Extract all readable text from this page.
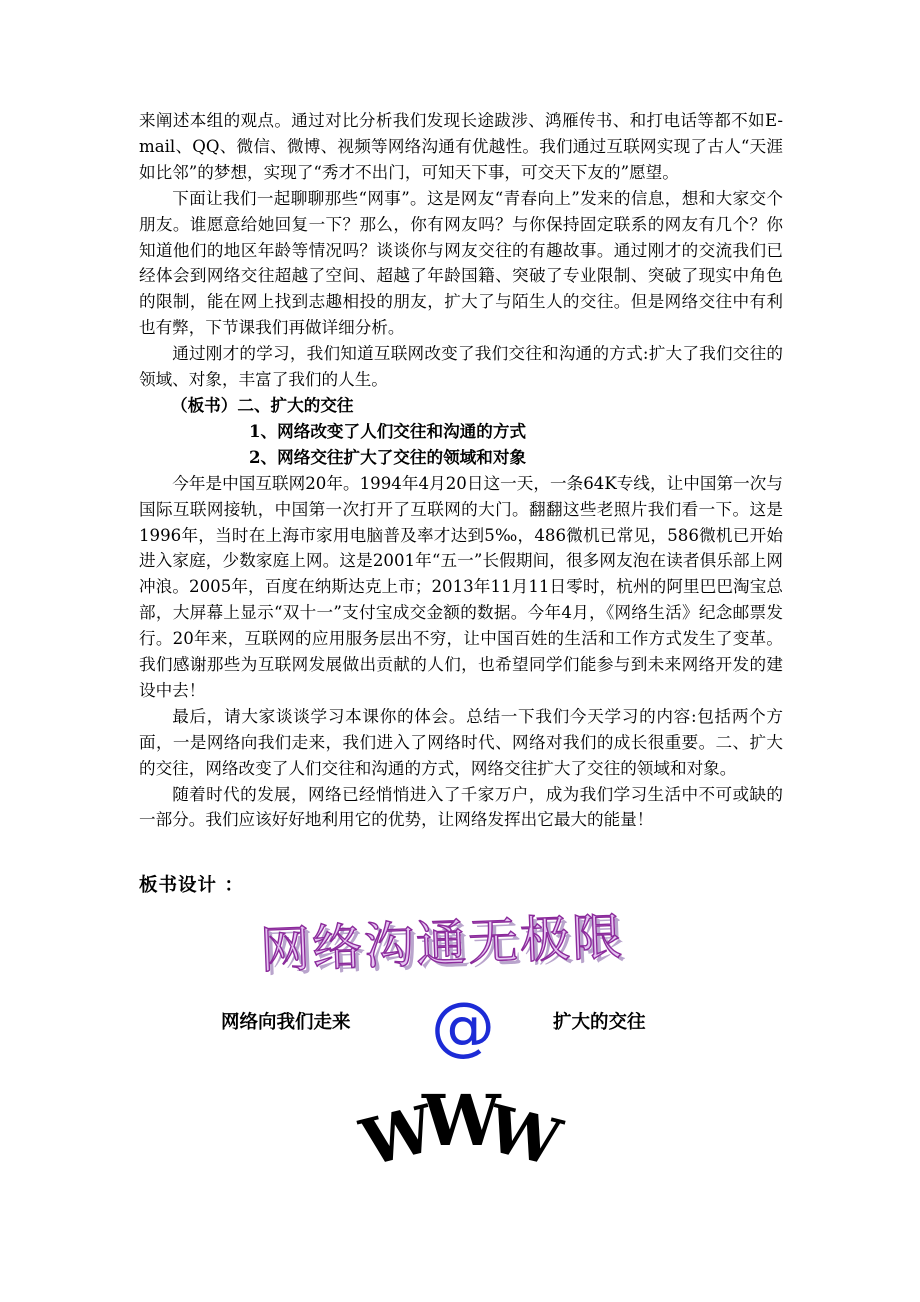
来阐述本组的观点。通过对比分析我们发现长途跋涉、鸿雁传书、和打电话等都不如E-mail、QQ、微信、微博、视频等网络沟通有优越性。我们通过互联网实现了古人“天涯如比邻”的梦想，实现了“秀才不出门，可知天下事，可交天下友的”愿望。

下面让我们一起聊聊那些“网事”。这是网友“青春向上”发来的信息，想和大家交个朋友。谁愿意给她回复一下？那么，你有网友吗？与你保持固定联系的网友有几个？你知道他们的地区年龄等情况吗？谈谈你与网友交往的有趣故事。通过刚才的交流我们已经体会到网络交往超越了空间、超越了年龄国籍、突破了专业限制、突破了现实中角色的限制，能在网上找到志趣相投的朋友，扩大了与陌生人的交往。但是网络交往中有利也有弊，下节课我们再做详细分析。

通过刚才的学习，我们知道互联网改变了我们交往和沟通的方式:扩大了我们交往的领域、对象，丰富了我们的人生。

（板书）二、扩大的交往

1、网络改变了人们交往和沟通的方式

2、网络交往扩大了交往的领域和对象

今年是中国互联网20年。1994年4月20日这一天，一条64K专线，让中国第一次与国际互联网接轨，中国第一次打开了互联网的大门。翻翻这些老照片我们看一下。这是1996年，当时在上海市家用电脑普及率才达到5‰，486微机已常见，586微机已开始进入家庭，少数家庭上网。这是2001年“五一”长假期间，很多网友泡在读者俱乐部上网冲浪。2005年，百度在纳斯达克上市；2013年11月11日零时，杭州的阿里巴巴淘宝总部，大屏幕上显示“双十一”支付宝成交金额的数据。今年4月，《网络生活》纪念邮票发行。20年来，互联网的应用服务层出不穷，让中国百姓的生活和工作方式发生了变革。我们感谢那些为互联网发展做出贡献的人们，也希望同学们能参与到未来网络开发的建设中去！

最后，请大家谈谈学习本课你的体会。总结一下我们今天学习的内容:包括两个方面，一是网络向我们走来，我们进入了网络时代、网络对我们的成长很重要。二、扩大的交往，网络改变了人们交往和沟通的方式，网络交往扩大了交往的领域和对象。

随着时代的发展，网络已经悄悄进入了千家万户，成为我们学习生活中不可或缺的一部分。我们应该好好地利用它的优势，让网络发挥出它最大的能量！

板书设计 ：
网络沟通无极限
网络向我们走来 @	扩大的交往
W
W
W
